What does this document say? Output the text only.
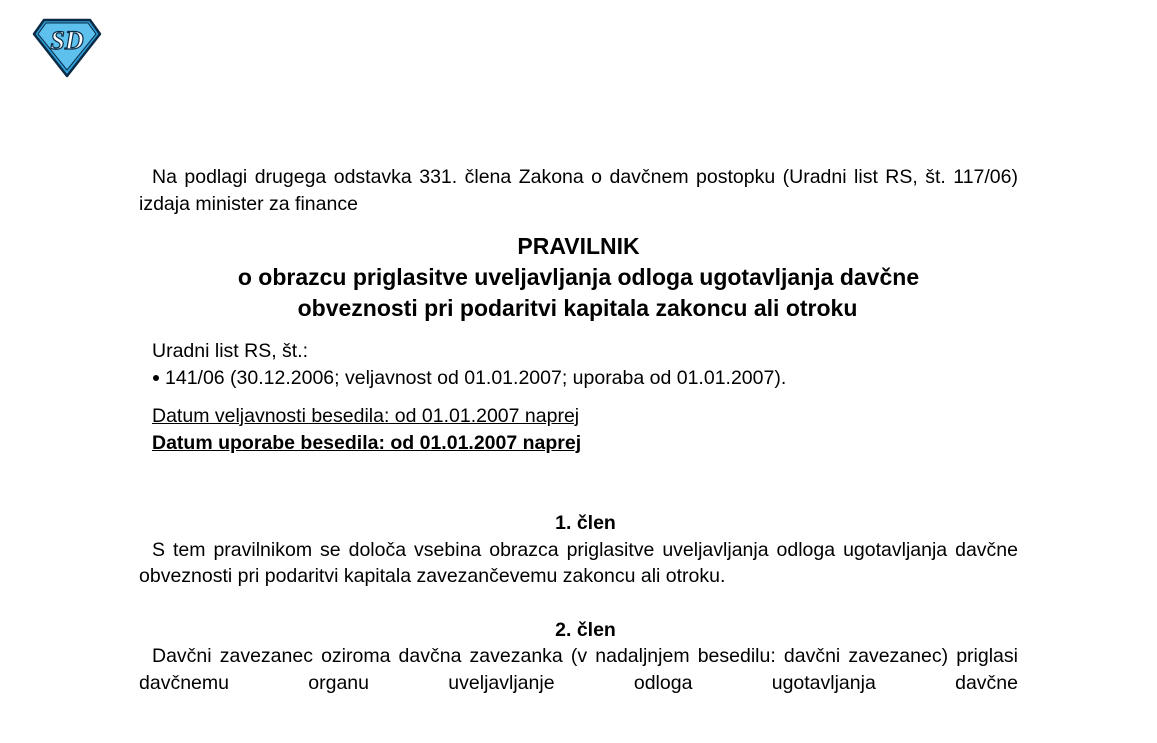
SD

Na podlagi drugega odstavka 331. člena Zakona o davčnem postopku (Uradni list RS, št. 117/06) izdaja minister za finance

PRAVILNIK
o obrazcu priglasitve uveljavljanja odloga ugotavljanja davčne
obveznosti pri podaritvi kapitala zakoncu ali otroku
Uradni list RS, št.:
141/06 (30.12.2006; veljavnost od 01.01.2007; uporaba od 01.01.2007).
Datum veljavnosti besedila: od 01.01.2007 naprej
Datum uporabe besedila: od 01.01.2007 naprej

1. člen

S tem pravilnikom se določa vsebina obrazca priglasitve uveljavljanja odloga ugotavljanja davčne obveznosti pri podaritvi kapitala zavezančevemu zakoncu ali otroku.

2. člen

Davčni zavezanec oziroma davčna zavezanka (v nadaljnjem besedilu: davčni zavezanec) priglasi davčnemu organu uveljavljanje odloga ugotavljanja davčne
